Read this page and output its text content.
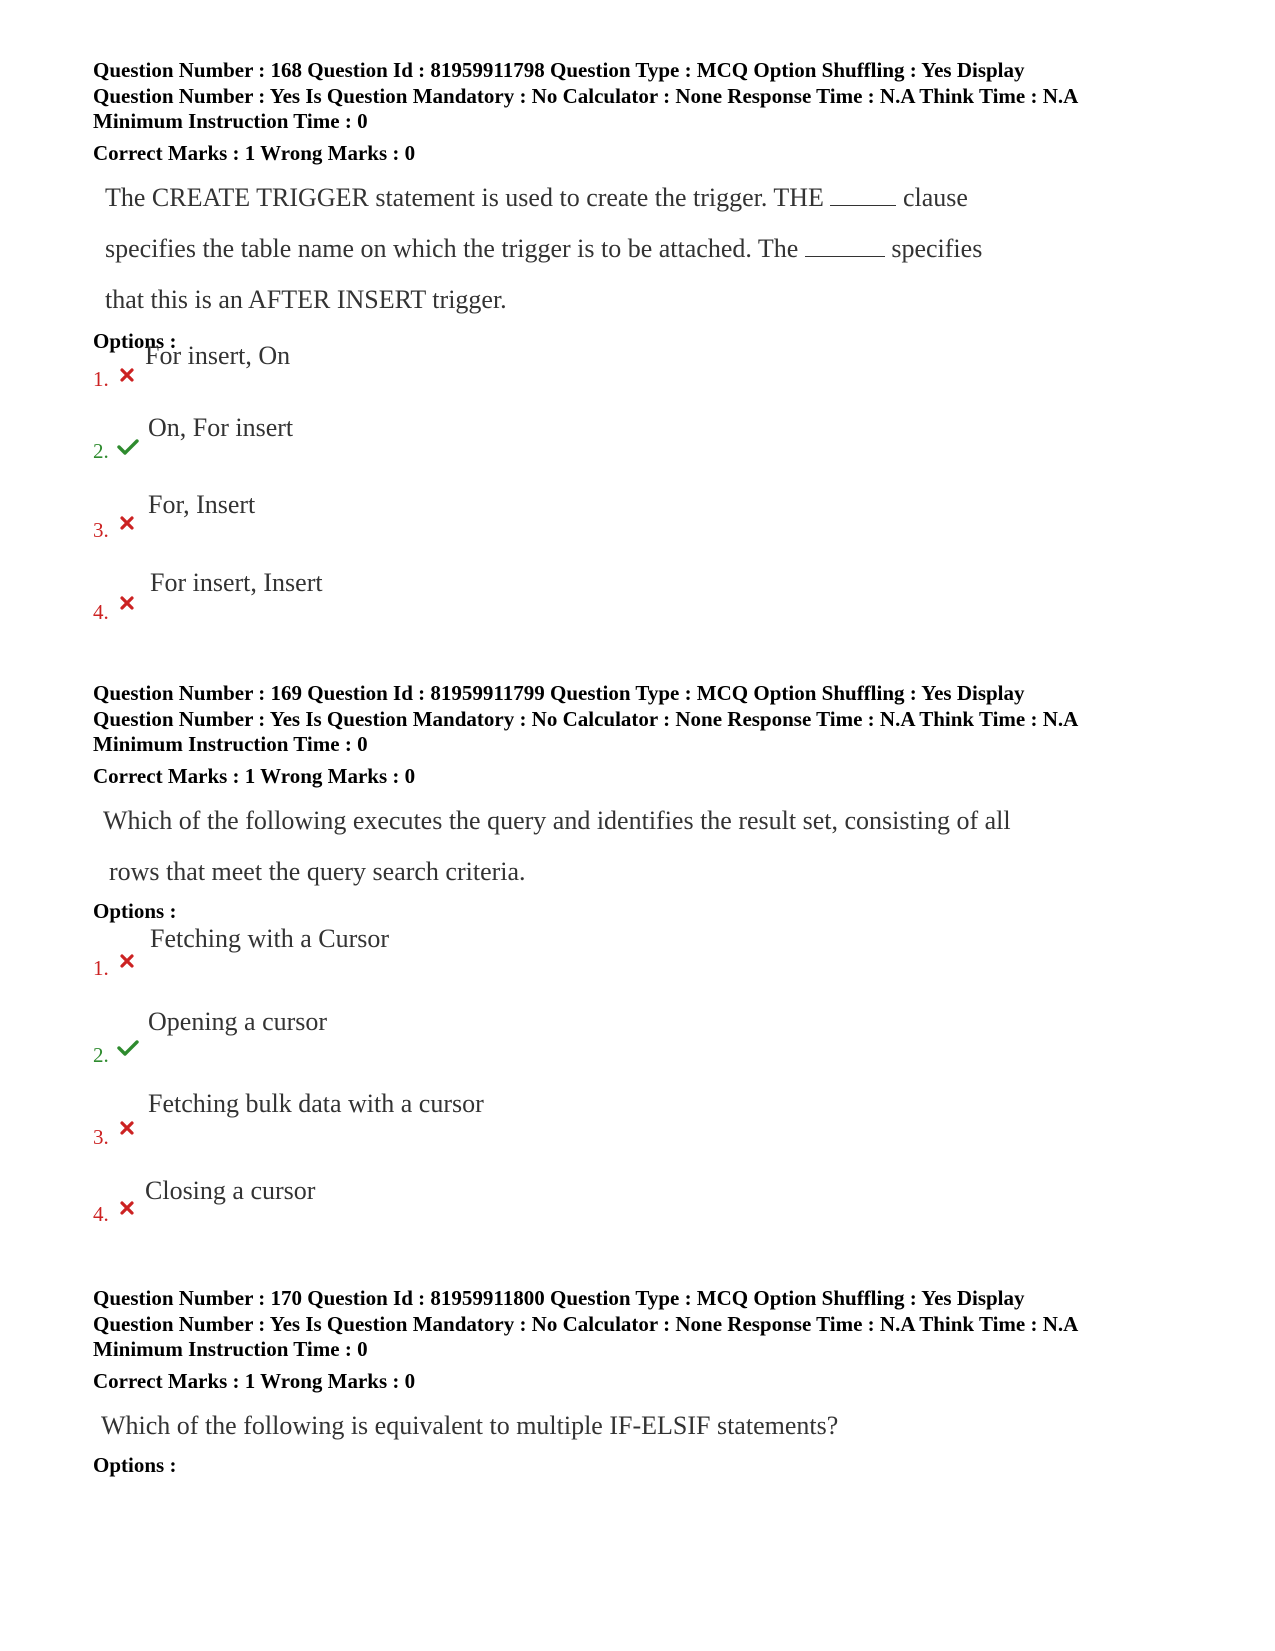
Question Number : 168 Question Id : 81959911798 Question Type : MCQ Option Shuffling : Yes Display
Question Number : Yes Is Question Mandatory : No Calculator : None Response Time : N.A Think Time : N.A
Minimum Instruction Time : 0
Correct Marks : 1 Wrong Marks : 0
The CREATE TRIGGER statement is used to create the trigger. THE	clause
specifies the table name on which the trigger is to be attached. The	specifies
that this is an AFTER INSERT trigger.
Options :
1.
For insert, On
2.
On, For insert
3.
For, Insert
4.
For insert, Insert
Question Number : 169 Question Id : 81959911799 Question Type : MCQ Option Shuffling : Yes Display
Question Number : Yes Is Question Mandatory : No Calculator : None Response Time : N.A Think Time : N.A
Minimum Instruction Time : 0
Correct Marks : 1 Wrong Marks : 0
Which of the following executes the query and identifies the result set, consisting of all
rows that meet the query search criteria.
Options :
1.
Fetching with a Cursor
2.
Opening a cursor
3.
Fetching bulk data with a cursor
4.
Closing a cursor
Question Number : 170 Question Id : 81959911800 Question Type : MCQ Option Shuffling : Yes Display
Question Number : Yes Is Question Mandatory : No Calculator : None Response Time : N.A Think Time : N.A
Minimum Instruction Time : 0
Correct Marks : 1 Wrong Marks : 0
Which of the following is equivalent to multiple IF-ELSIF statements?
Options :
